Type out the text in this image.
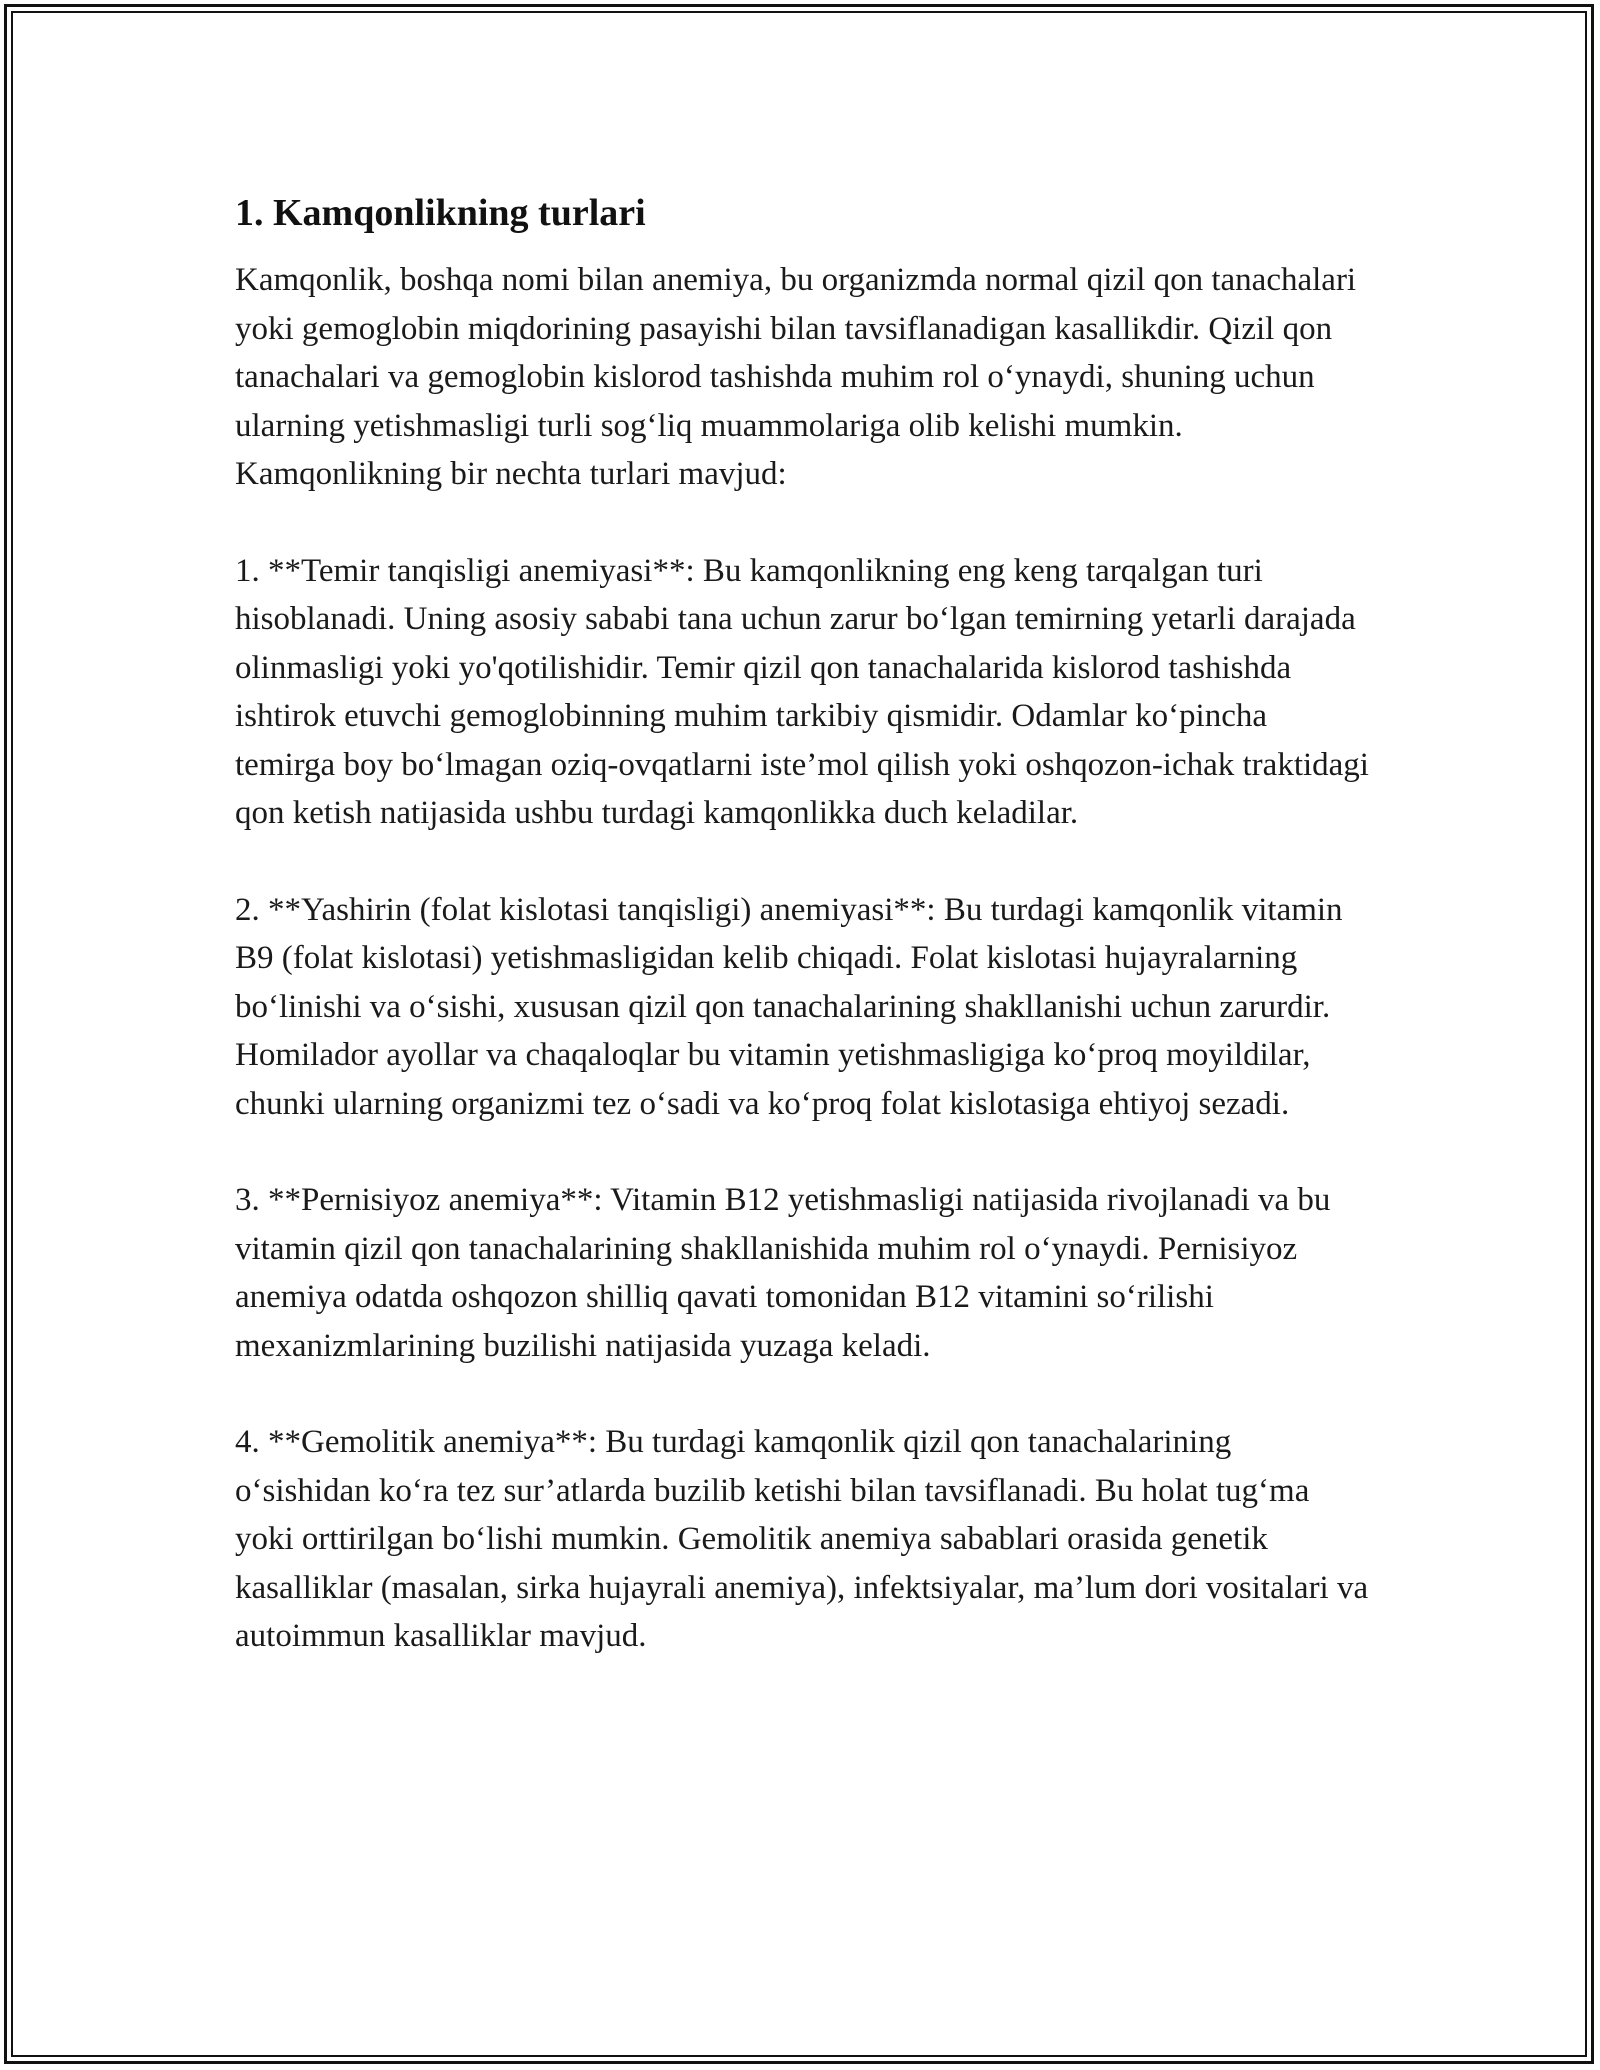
1. Kamqonlikning turlari

Kamqonlik, boshqa nomi bilan anemiya, bu organizmda normal qizil qon tanachalari yoki gemoglobin miqdorining pasayishi bilan tavsiflanadigan kasallikdir. Qizil qon tanachalari va gemoglobin kislorod tashishda muhim rol o‘ynaydi, shuning uchun ularning yetishmasligi turli sog‘liq muammolariga olib kelishi mumkin. Kamqonlikning bir nechta turlari mavjud:

1. **Temir tanqisligi anemiyasi**: Bu kamqonlikning eng keng tarqalgan turi hisoblanadi. Uning asosiy sababi tana uchun zarur bo‘lgan temirning yetarli darajada olinmasligi yoki yo'qotilishidir. Temir qizil qon tanachalarida kislorod tashishda ishtirok etuvchi gemoglobinning muhim tarkibiy qismidir. Odamlar ko‘pincha temirga boy bo‘lmagan oziq-ovqatlarni iste’mol qilish yoki oshqozon-ichak traktidagi qon ketish natijasida ushbu turdagi kamqonlikka duch keladilar.

2. **Yashirin (folat kislotasi tanqisligi) anemiyasi**: Bu turdagi kamqonlik vitamin B9 (folat kislotasi) yetishmasligidan kelib chiqadi. Folat kislotasi hujayralarning bo‘linishi va o‘sishi, xususan qizil qon tanachalarining shakllanishi uchun zarurdir. Homilador ayollar va chaqaloqlar bu vitamin yetishmasligiga ko‘proq moyildilar, chunki ularning organizmi tez o‘sadi va ko‘proq folat kislotasiga ehtiyoj sezadi.

3. **Pernisiyoz anemiya**: Vitamin B12 yetishmasligi natijasida rivojlanadi va bu vitamin qizil qon tanachalarining shakllanishida muhim rol o‘ynaydi. Pernisiyoz anemiya odatda oshqozon shilliq qavati tomonidan B12 vitamini so‘rilishi mexanizmlarining buzilishi natijasida yuzaga keladi.

4. **Gemolitik anemiya**: Bu turdagi kamqonlik qizil qon tanachalarining o‘sishidan ko‘ra tez sur’atlarda buzilib ketishi bilan tavsiflanadi. Bu holat tug‘ma yoki orttirilgan bo‘lishi mumkin. Gemolitik anemiya sabablari orasida genetik kasalliklar (masalan, sirka hujayrali anemiya), infektsiyalar, ma’lum dori vositalari va autoimmun kasalliklar mavjud.
